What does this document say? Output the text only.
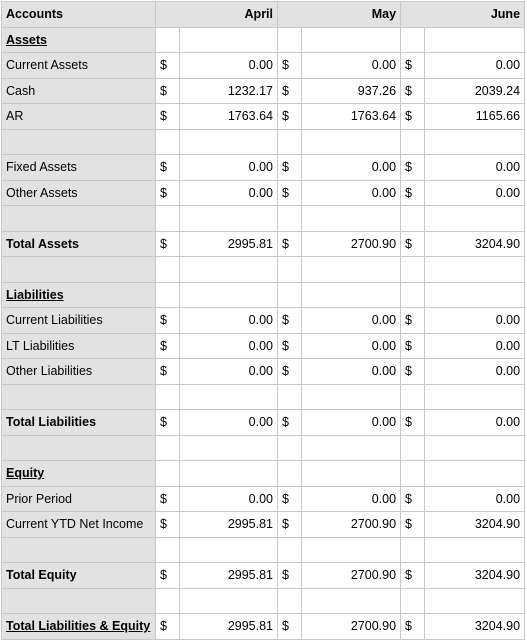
Accounts	April		May		June	
Assets						
Current Assets	$	0.00	$	0.00	$	0.00
Cash	$	1232.17	$	937.26	$	2039.24
AR	$	1763.64	$	1763.64	$	1165.66

Fixed Assets	$	0.00	$	0.00	$	0.00
Other Assets	$	0.00	$	0.00	$	0.00

Total Assets	$	2995.81	$	2700.90	$	3204.90

Liabilities						
Current Liabilities	$	0.00	$	0.00	$	0.00
LT Liabilities	$	0.00	$	0.00	$	0.00
Other Liabilities	$	0.00	$	0.00	$	0.00

Total Liabilities	$	0.00	$	0.00	$	0.00

Equity						
Prior Period	$	0.00	$	0.00	$	0.00
Current YTD Net Income	$	2995.81	$	2700.90	$	3204.90

Total Equity	$	2995.81	$	2700.90	$	3204.90

Total Liabilities & Equity	$	2995.81	$	2700.90	$	3204.90
